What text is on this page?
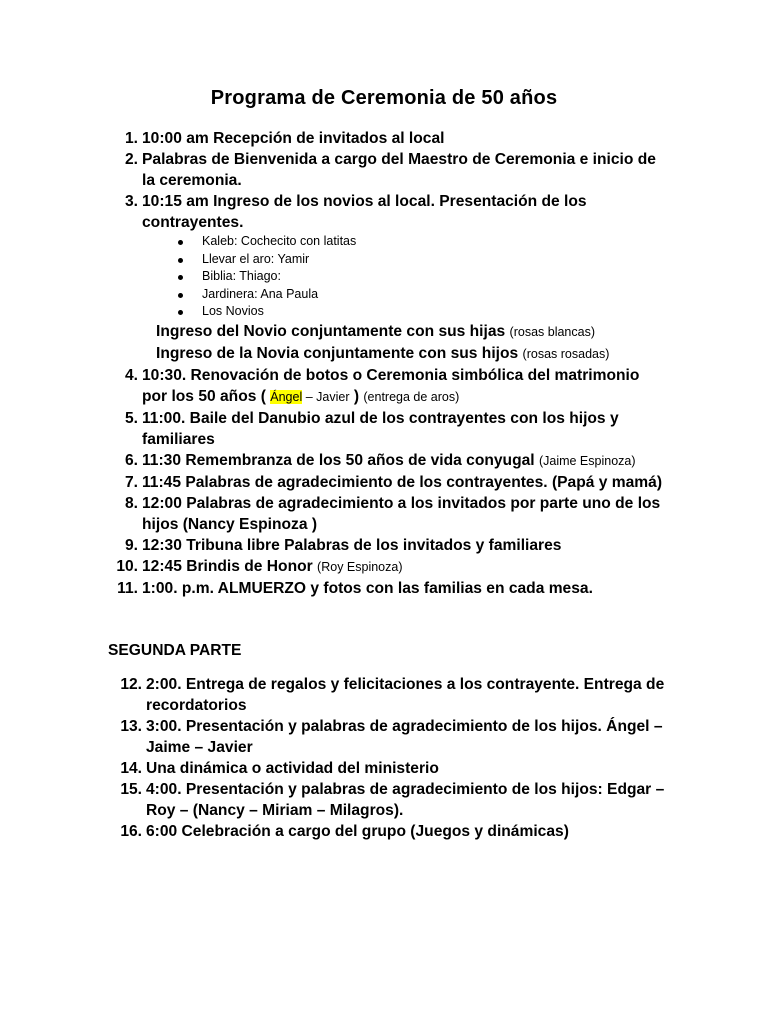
Programa de Ceremonia de 50 años
1. 10:00 am Recepción de invitados al local
2. Palabras de Bienvenida a cargo del Maestro de Ceremonia e inicio de la ceremonia.
3. 10:15 am Ingreso de los novios al local. Presentación de los contrayentes.
Kaleb: Cochecito con latitas
Llevar el aro: Yamir
Biblia: Thiago:
Jardinera: Ana Paula
Los Novios
Ingreso del Novio conjuntamente con sus hijas (rosas blancas)
Ingreso de la Novia conjuntamente con sus hijos (rosas rosadas)
4. 10:30. Renovación de botos o Ceremonia simbólica del matrimonio por los 50 años ( Ángel – Javier ) (entrega de aros)
5. 11:00. Baile del Danubio azul de los contrayentes con los hijos y familiares
6. 11:30 Remembranza de los 50 años de vida conyugal (Jaime Espinoza)
7. 11:45 Palabras de agradecimiento de los contrayentes. (Papá y mamá)
8. 12:00 Palabras de agradecimiento a los invitados por parte uno de los hijos (Nancy Espinoza )
9. 12:30 Tribuna libre Palabras de los invitados y familiares
10. 12:45 Brindis de Honor (Roy Espinoza)
11. 1:00. p.m. ALMUERZO y fotos con las familias en cada mesa.
SEGUNDA PARTE
12. 2:00. Entrega de regalos y felicitaciones a los contrayente. Entrega de recordatorios
13. 3:00. Presentación y palabras de agradecimiento de los hijos. Ángel – Jaime – Javier
14. Una dinámica o actividad del ministerio
15. 4:00. Presentación y palabras de agradecimiento de los hijos: Edgar – Roy – (Nancy – Miriam – Milagros).
16. 6:00 Celebración a cargo del grupo (Juegos y dinámicas)
